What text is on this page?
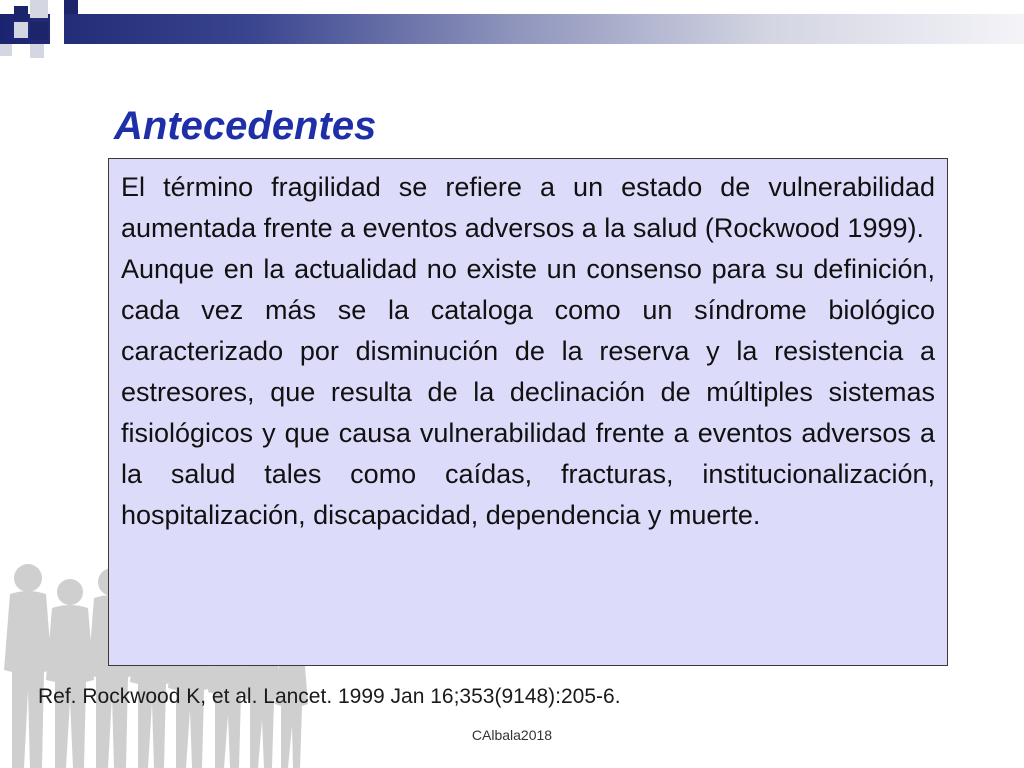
Antecedentes

El término fragilidad se refiere a un estado de vulnerabilidad aumentada frente a eventos adversos a la salud (Rockwood 1999).

Aunque en la actualidad no existe un consenso para su definición, cada vez más se la cataloga como un síndrome biológico caracterizado por disminución de la reserva y la resistencia a estresores, que resulta de la declinación de múltiples sistemas fisiológicos y que causa vulnerabilidad frente a eventos adversos a la salud tales como caídas, fracturas, institucionalización, hospitalización, discapacidad, dependencia y muerte.

Ref. Rockwood K, et al. Lancet. 1999 Jan 16;353(9148):205-6.

CAlbala2018
